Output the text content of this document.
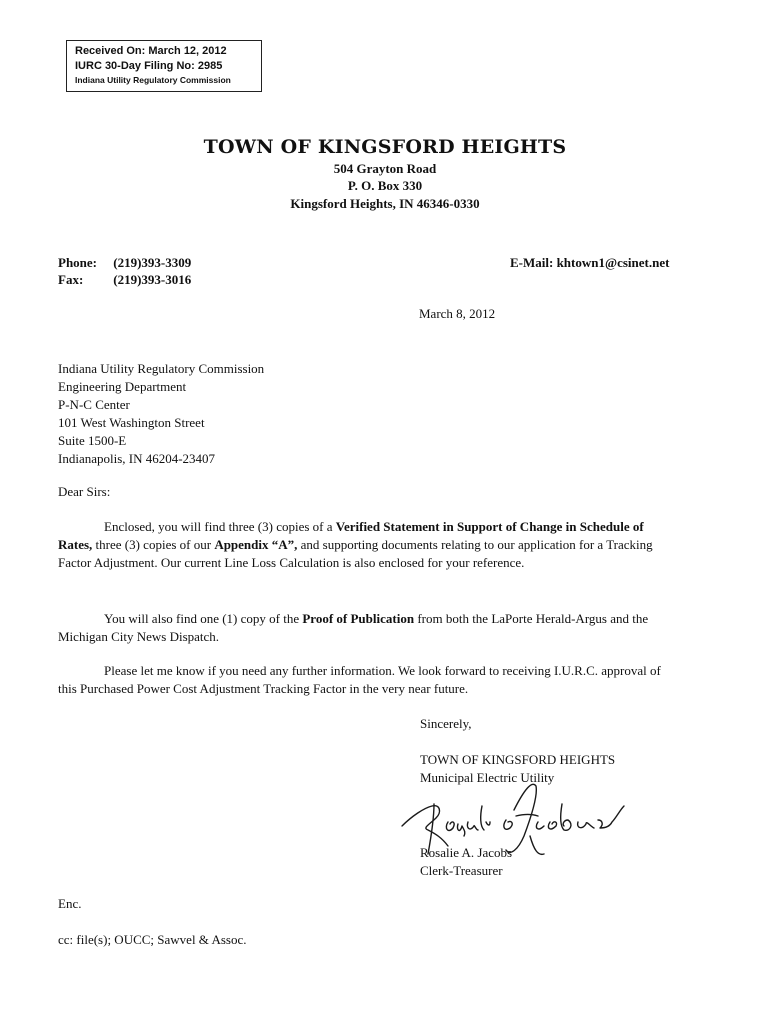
Received On: March 12, 2012
IURC 30-Day Filing No: 2985
Indiana Utility Regulatory Commission
TOWN OF KINGSFORD HEIGHTS
504 Grayton Road
P. O. Box 330
Kingsford Heights, IN 46346-0330
Phone: (219)393-3309
Fax: (219)393-3016
E-Mail: khtown1@csinet.net
March 8, 2012
Indiana Utility Regulatory Commission
Engineering Department
P-N-C Center
101 West Washington Street
Suite 1500-E
Indianapolis, IN 46204-23407
Dear Sirs:
Enclosed, you will find three (3) copies of a Verified Statement in Support of Change in Schedule of Rates, three (3) copies of our Appendix “A”, and supporting documents relating to our application for a Tracking Factor Adjustment. Our current Line Loss Calculation is also enclosed for your reference.
You will also find one (1) copy of the Proof of Publication from both the LaPorte Herald-Argus and the Michigan City News Dispatch.
Please let me know if you need any further information. We look forward to receiving I.U.R.C. approval of this Purchased Power Cost Adjustment Tracking Factor in the very near future.
Sincerely,
TOWN OF KINGSFORD HEIGHTS
Municipal Electric Utility
Rosalie A. Jacobs
Clerk-Treasurer
Enc.
cc: file(s); OUCC; Sawvel & Assoc.
